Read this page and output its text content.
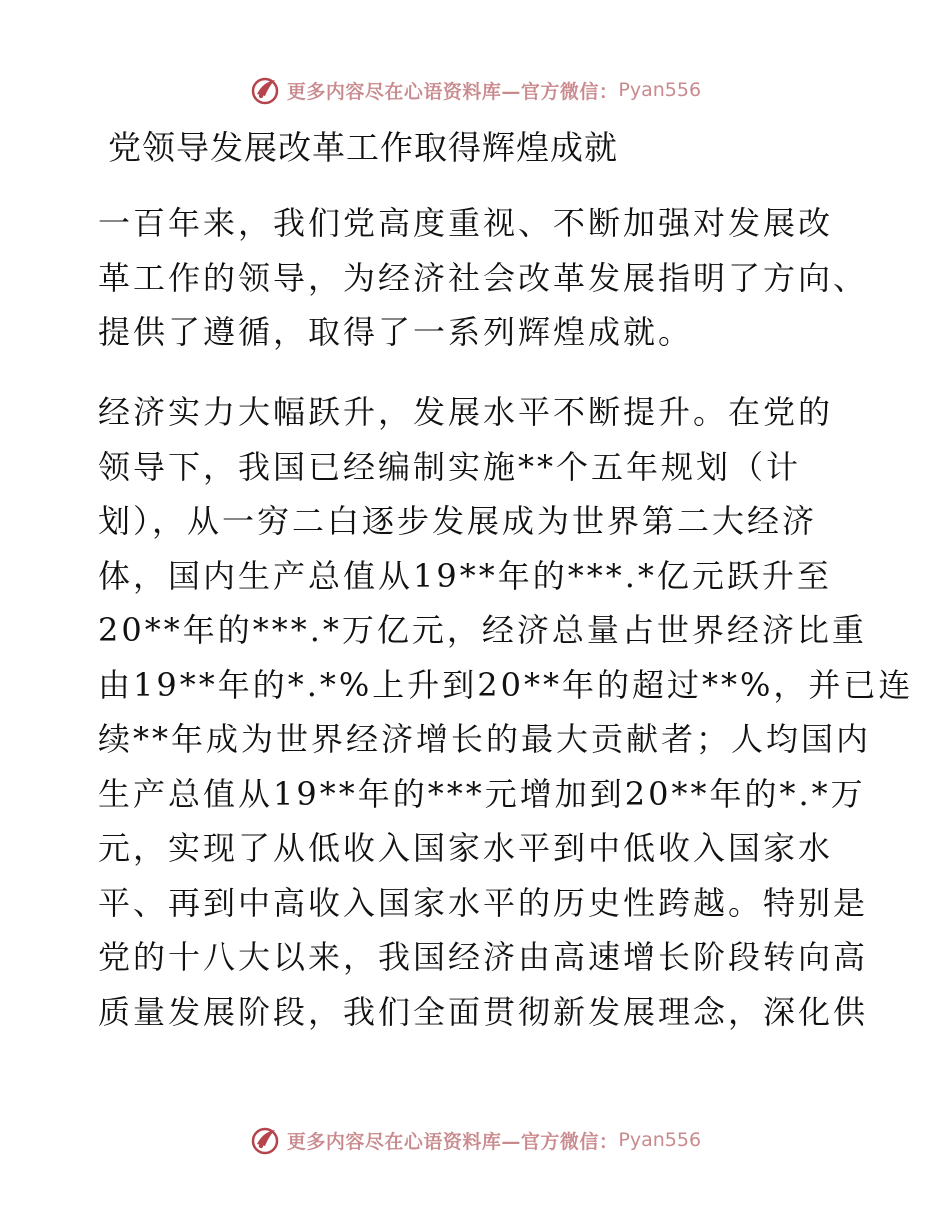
更多内容尽在心语资料库—官方微信： Pyan556
党领导发展改革工作取得辉煌成就
一百年来，我们党高度重视、不断加强对发展改
革工作的领导，为经济社会改革发展指明了方向、
提供了遵循，取得了一系列辉煌成就。
经济实力大幅跃升，发展水平不断提升。在党的
领导下，我国已经编制实施**个五年规划（计
划），从一穷二白逐步发展成为世界第二大经济
体，国内生产总值从19**年的***.*亿元跃升至
20**年的***.*万亿元，经济总量占世界经济比重
由19**年的*.*%上升到20**年的超过**%，并已连
续**年成为世界经济增长的最大贡献者；人均国内
生产总值从19**年的***元增加到20**年的*.*万
元，实现了从低收入国家水平到中低收入国家水
平、再到中高收入国家水平的历史性跨越。特别是
党的十八大以来，我国经济由高速增长阶段转向高
质量发展阶段，我们全面贯彻新发展理念，深化供
更多内容尽在心语资料库—官方微信： Pyan556
